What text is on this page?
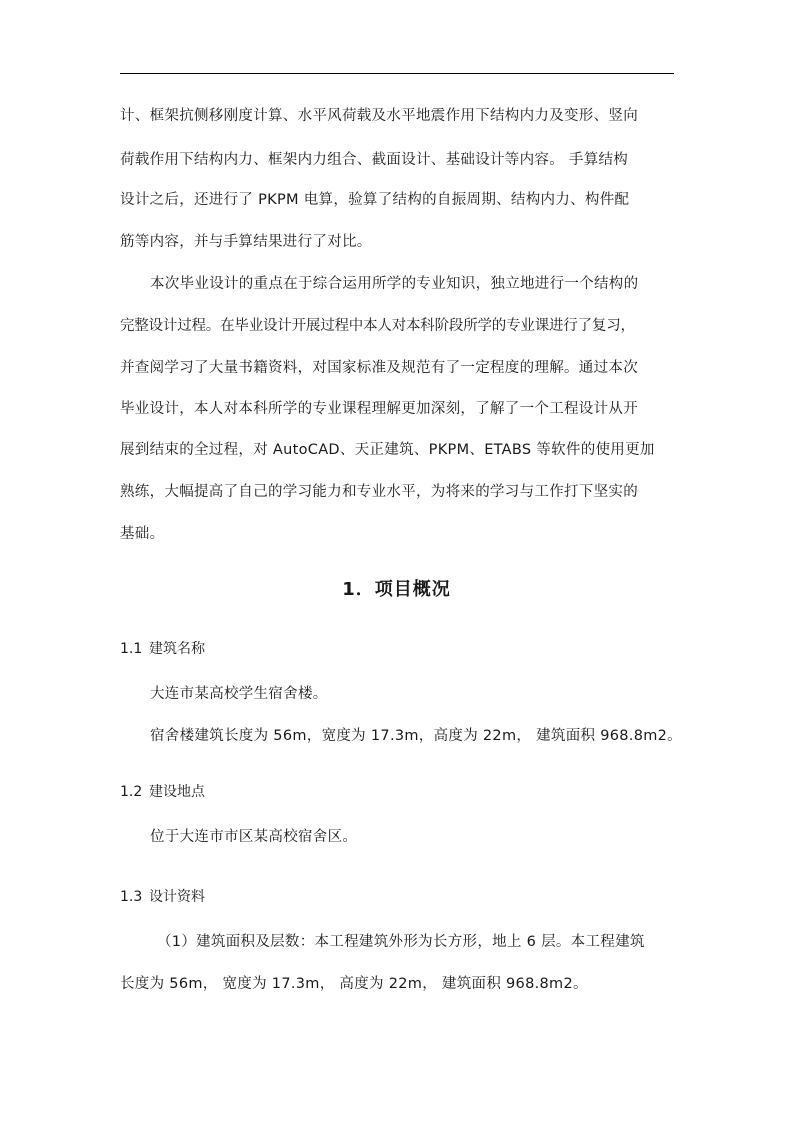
计、框架抗侧移刚度计算、水平风荷载及水平地震作用下结构内力及变形、竖向
荷载作用下结构内力、框架内力组合、截面设计、基础设计等内容。 手算结构
设计之后，还进行了 PKPM 电算，验算了结构的自振周期、结构内力、构件配
筋等内容，并与手算结果进行了对比。
本次毕业设计的重点在于综合运用所学的专业知识，独立地进行一个结构的
完整设计过程。在毕业设计开展过程中本人对本科阶段所学的专业课进行了复习，
并查阅学习了大量书籍资料，对国家标准及规范有了一定程度的理解。通过本次
毕业设计，本人对本科所学的专业课程理解更加深刻，了解了一个工程设计从开
展到结束的全过程，对 AutoCAD、天正建筑、PKPM、ETABS 等软件的使用更加
熟练，大幅提高了自己的学习能力和专业水平，为将来的学习与工作打下坚实的
基础。
1．项目概况
1.1 建筑名称
大连市某高校学生宿舍楼。
宿舍楼建筑长度为 56m，宽度为 17.3m，高度为 22m， 建筑面积 968.8m2。
1.2 建设地点
位于大连市市区某高校宿舍区。
1.3 设计资料
（1）建筑面积及层数：本工程建筑外形为长方形，地上 6 层。本工程建筑
长度为 56m， 宽度为 17.3m， 高度为 22m， 建筑面积 968.8m2。
